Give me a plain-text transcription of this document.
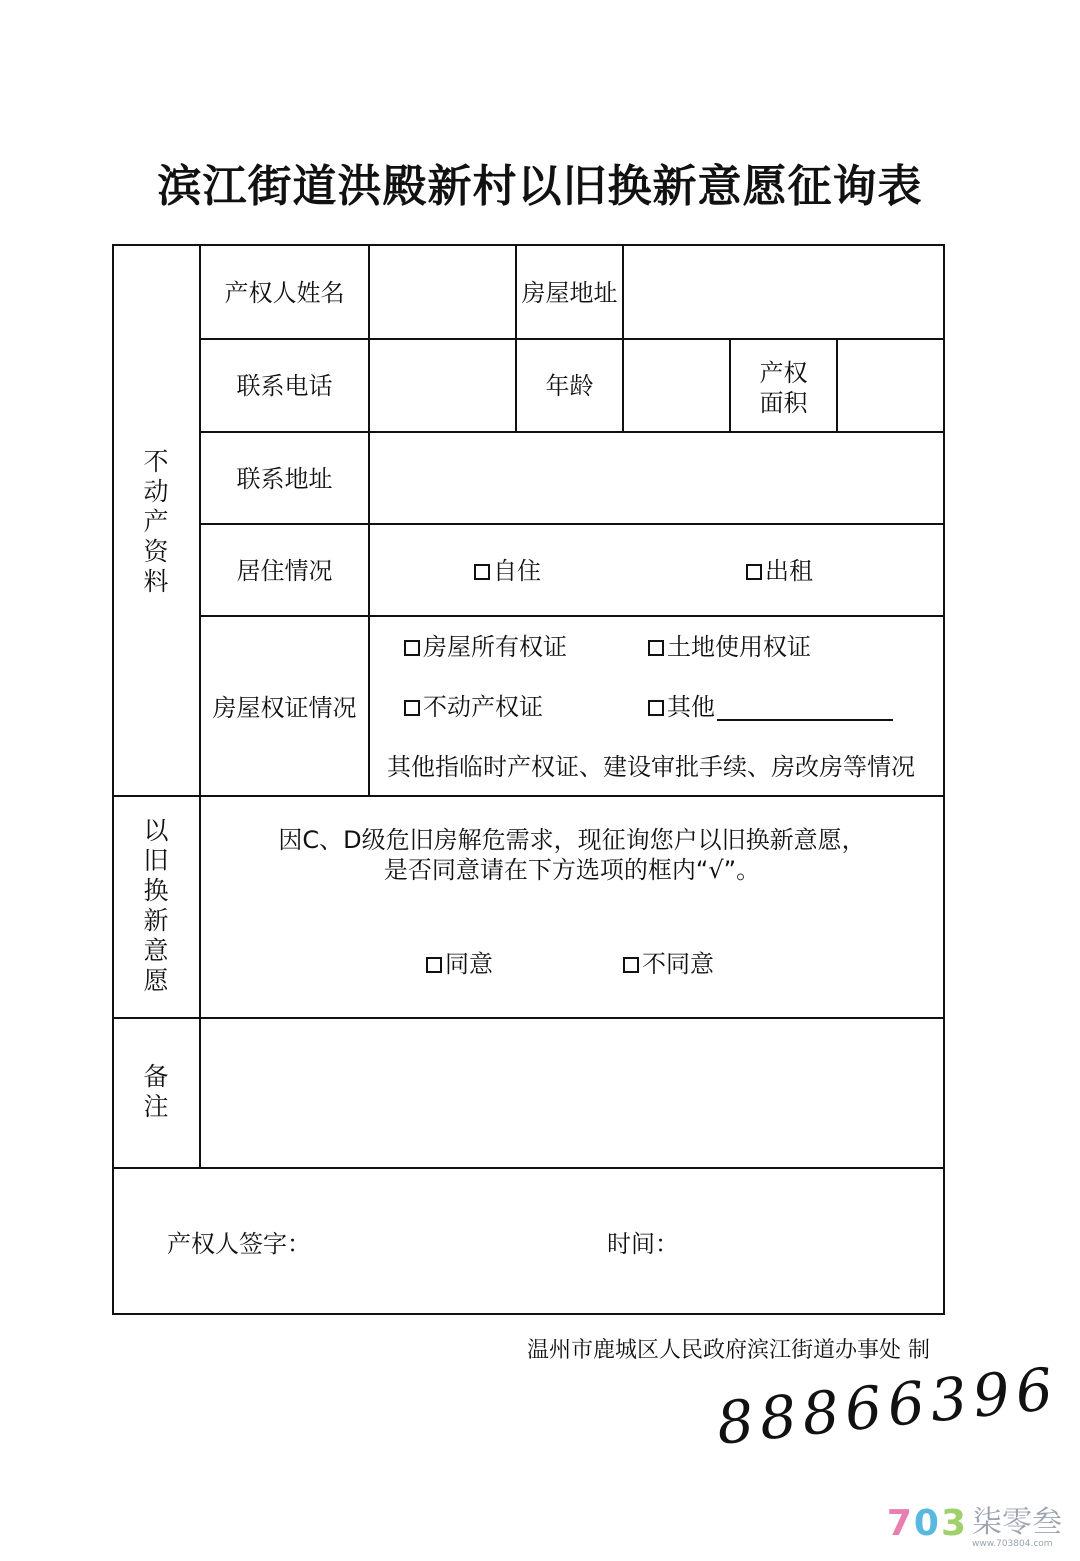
滨江街道洪殿新村以旧换新意愿征询表
不
动
产
资
料
以
旧
换
新
意
愿
备
注
产权人姓名	房屋地址
联系电话	年龄	产权
面积
联系地址
居住情况	自住	出租
房屋权证情况
房屋所有权证	土地使用权证
不动产权证	其他
其他指临时产权证、建设审批手续、房改房等情况
因C、D级危旧房解危需求，现征询您户以旧换新意愿，
是否同意请在下方选项的框内“√”。
同意	不同意
产权人签字：	时间：
温州市鹿城区人民政府滨江街道办事处 制
88866396
7 0 3 柒零叁
www.703804.com
